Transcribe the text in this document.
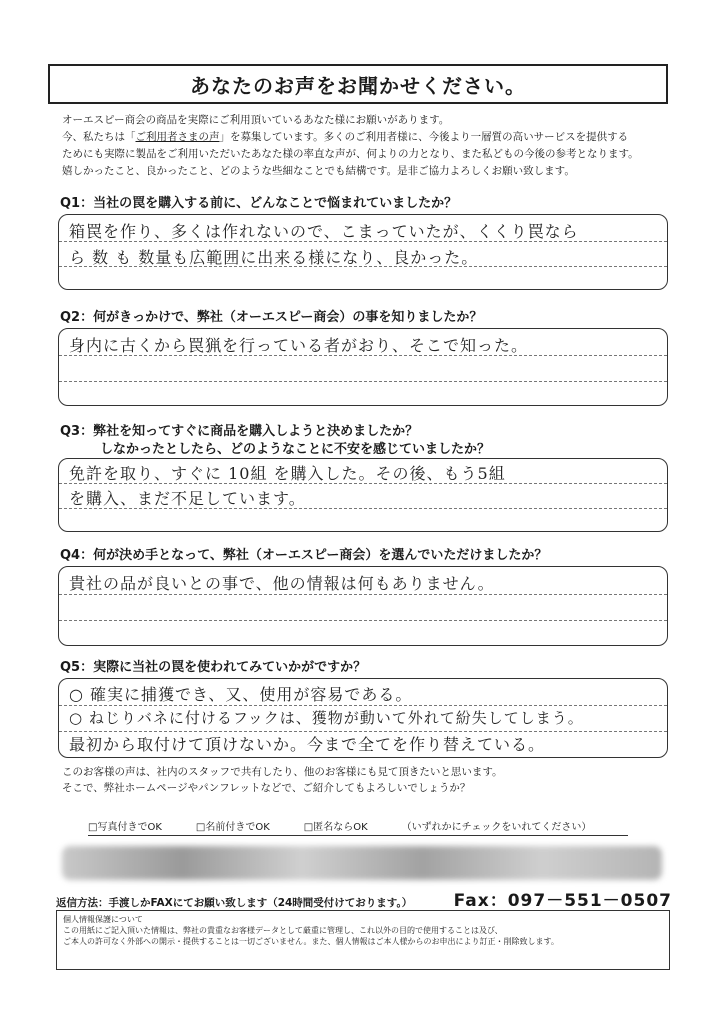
あなたのお声をお聞かせください。

オーエスピー商会の商品を実際にご利用頂いているあなた様にお願いがあります。

今、私たちは「ご利用者さまの声」を募集しています。多くのご利用者様に、今後より一層質の高いサービスを提供する

ためにも実際に製品をご利用いただいたあなた様の率直な声が、何よりの力となり、また私どもの今後の参考となります。

嬉しかったこと、良かったこと、どのような些細なことでも結構です。是非ご協力よろしくお願い致します。

Q1：当社の罠を購入する前に、どんなことで悩まれていましたか？
箱罠を作り、多くは作れないので、こまっていたが、くくり罠なら
ら 数 も 数量も広範囲に出来る様になり、良かった。
Q2：何がきっかけで、弊社（オーエスピー商会）の事を知りましたか？
身内に古くから罠猟を行っている者がおり、そこで知った。
Q3：弊社を知ってすぐに商品を購入しようと決めましたか？
しなかったとしたら、どのようなことに不安を感じていましたか？
免許を取り、すぐに 10組 を購入した。その後、もう5組
を購入、まだ不足しています。
Q4：何が決め手となって、弊社（オーエスピー商会）を選んでいただけましたか？
貴社の品が良いとの事で、他の情報は何もありません。
Q5：実際に当社の罠を使われてみていかがですか？
○ 確実に捕獲でき、又、使用が容易である。
○ ねじりバネに付けるフックは、獲物が動いて外れて紛失してしまう。
最初から取付けて頂けないか。今まで全てを作り替えている。

このお客様の声は、社内のスタッフで共有したり、他のお客様にも見て頂きたいと思います。

そこで、弊社ホームページやパンフレットなどで、ご紹介してもよろしいでしょうか？

□写真付きでOK	□名前付きでOK	□匿名ならOK	（いずれかにチェックをいれてください）
返信方法：手渡しかFAXにてお願い致します（24時間受付けております。） Fax：097－551－0507

個人情報保護について

この用紙にご記入頂いた情報は、弊社の貴重なお客様データとして厳重に管理し、これ以外の目的で使用することは及び、

ご本人の許可なく外部への開示・提供することは一切ございません。また、個人情報はご本人様からのお申出により訂正・削除致します。
